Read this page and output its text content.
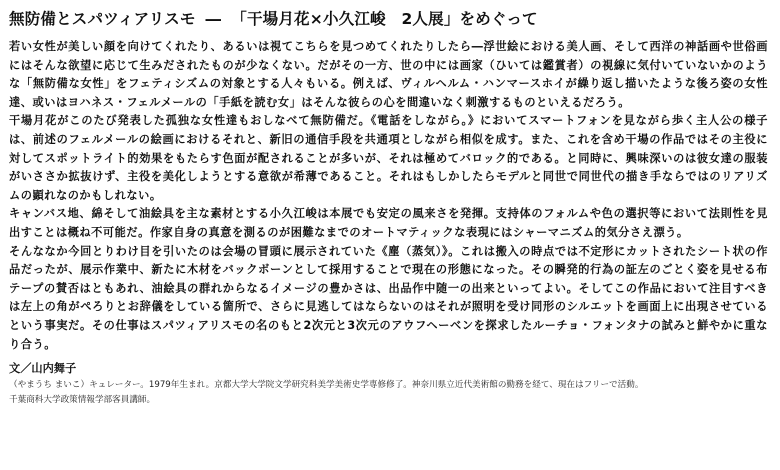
無防備とスパツィアリスモ ― 「干場月花×小久江峻　2人展」をめぐって

若い女性が美しい顔を向けてくれたり、あるいは視てこちらを見つめてくれたりしたら―浮世絵における美人画、そして西洋の神話画や世俗画にはそんな欲望に応じて生みだされたものが少なくない。だがその一方、世の中には画家（ひいては鑑賞者）の視線に気付いていないかのような「無防備な女性」をフェティシズムの対象とする人々もいる。例えば、ヴィルヘルム・ハンマースホイが繰り返し描いたような後ろ姿の女性達、或いはヨハネス・フェルメールの「手紙を読む女」はそんな彼らの心を間違いなく刺激するものといえるだろう。

干場月花がこのたび発表した孤独な女性達もおしなべて無防備だ。《電話をしながら。》においてスマートフォンを見ながら歩く主人公の様子は、前述のフェルメールの絵画におけるそれと、新旧の通信手段を共通項としながら相似を成す。また、これを含め干場の作品ではその主役に対してスポットライト的効果をもたらす色面が配されることが多いが、それは極めてバロック的である。と同時に、興味深いのは彼女達の服装がいささか拡抜けず、主役を美化しようとする意欲が希薄であること。それはもしかしたらモデルと同世で同世代の描き手ならではのリアリズムの顕れなのかもしれない。

キャンバス地、綿そして油絵具を主な素材とする小久江峻は本展でも安定の風来さを発揮。支持体のフォルムや色の選択等において法則性を見出すことは概ね不可能だ。作家自身の真意を測るのが困難なまでのオートマティックな表現にはシャーマニズム的気分さえ漂う。

そんななか今回とりわけ目を引いたのは会場の冒頭に展示されていた《塵（蒸気）》。これは搬入の時点では不定形にカットされたシート状の作品だったが、展示作業中、新たに木材をバックボーンとして採用することで現在の形態になった。その瞬発的行為の証左のごとく姿を見せる布テープの賛否はともあれ、油絵具の群れからなるイメージの豊かさは、出品作中随一の出来といってよい。そしてこの作品において注目すべきは左上の角がぺろりとお辞儀をしている箇所で、さらに見逃してはならないのはそれが照明を受け同形のシルエットを画面上に出現させているという事実だ。その仕事はスパツィアリスモの名のもと2次元と3次元のアウフヘーベンを探求したルーチョ・フォンタナの試みと鮮やかに重なり合う。

文／山内舞子

（やまうち まいこ）キュレーター。1979年生まれ。京都大学大学院文学研究科美学美術史学専修修了。神奈川県立近代美術館の勤務を経て、現在はフリーで活動。

千葉商科大学政策情報学部客員講師。
